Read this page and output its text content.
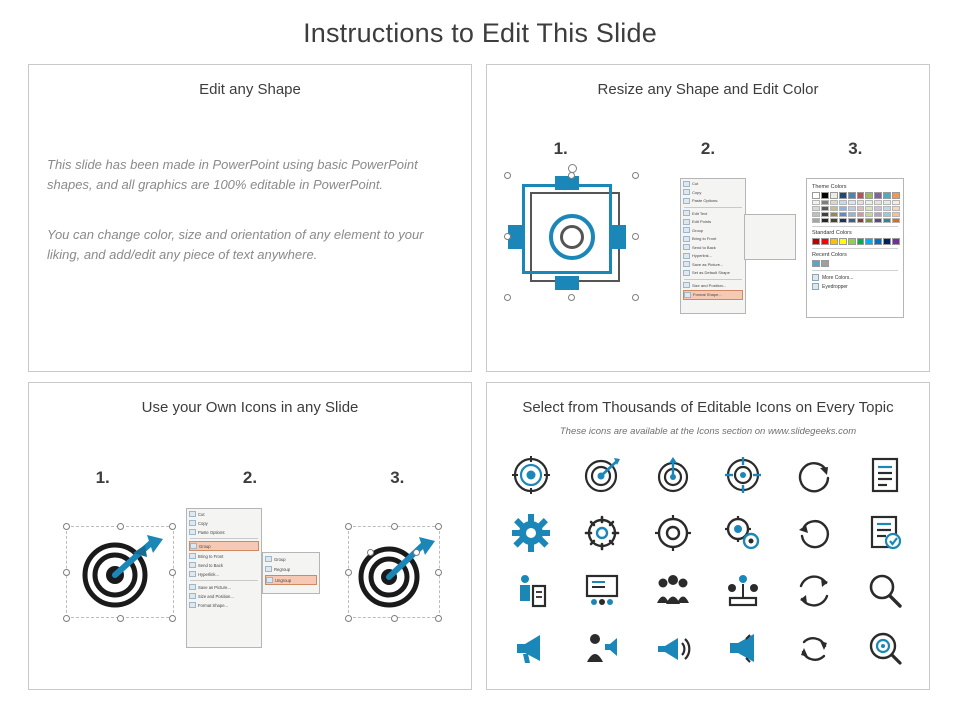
Instructions to Edit This Slide
Edit any Shape
This slide has been made in PowerPoint using basic PowerPoint shapes, and all graphics are 100% editable in PowerPoint.
You can change color, size and orientation of any element to your liking, and add/edit any piece of text anywhere.
Resize any Shape and Edit Color
1.	2.	3.
Cut
Copy
Paste Options:
Edit Text
Edit Points
Group
Bring to Front
Send to Back
Hyperlink...
Save as Picture...
Set as Default Shape
Size and Position...
Format Shape...
Theme Colors
Standard Colors
Recent Colors
More Colors...
Eyedropper
Use your Own Icons in any Slide
1.	2.	3.
Cut
Copy
Paste Options:
Group
Bring to Front
Send to Back
Hyperlink...
Save as Picture...
Size and Position...
Format Shape...
Group
Regroup
Ungroup
Select from Thousands of Editable Icons on Every Topic
These icons are available at the Icons section on www.slidegeeks.com
